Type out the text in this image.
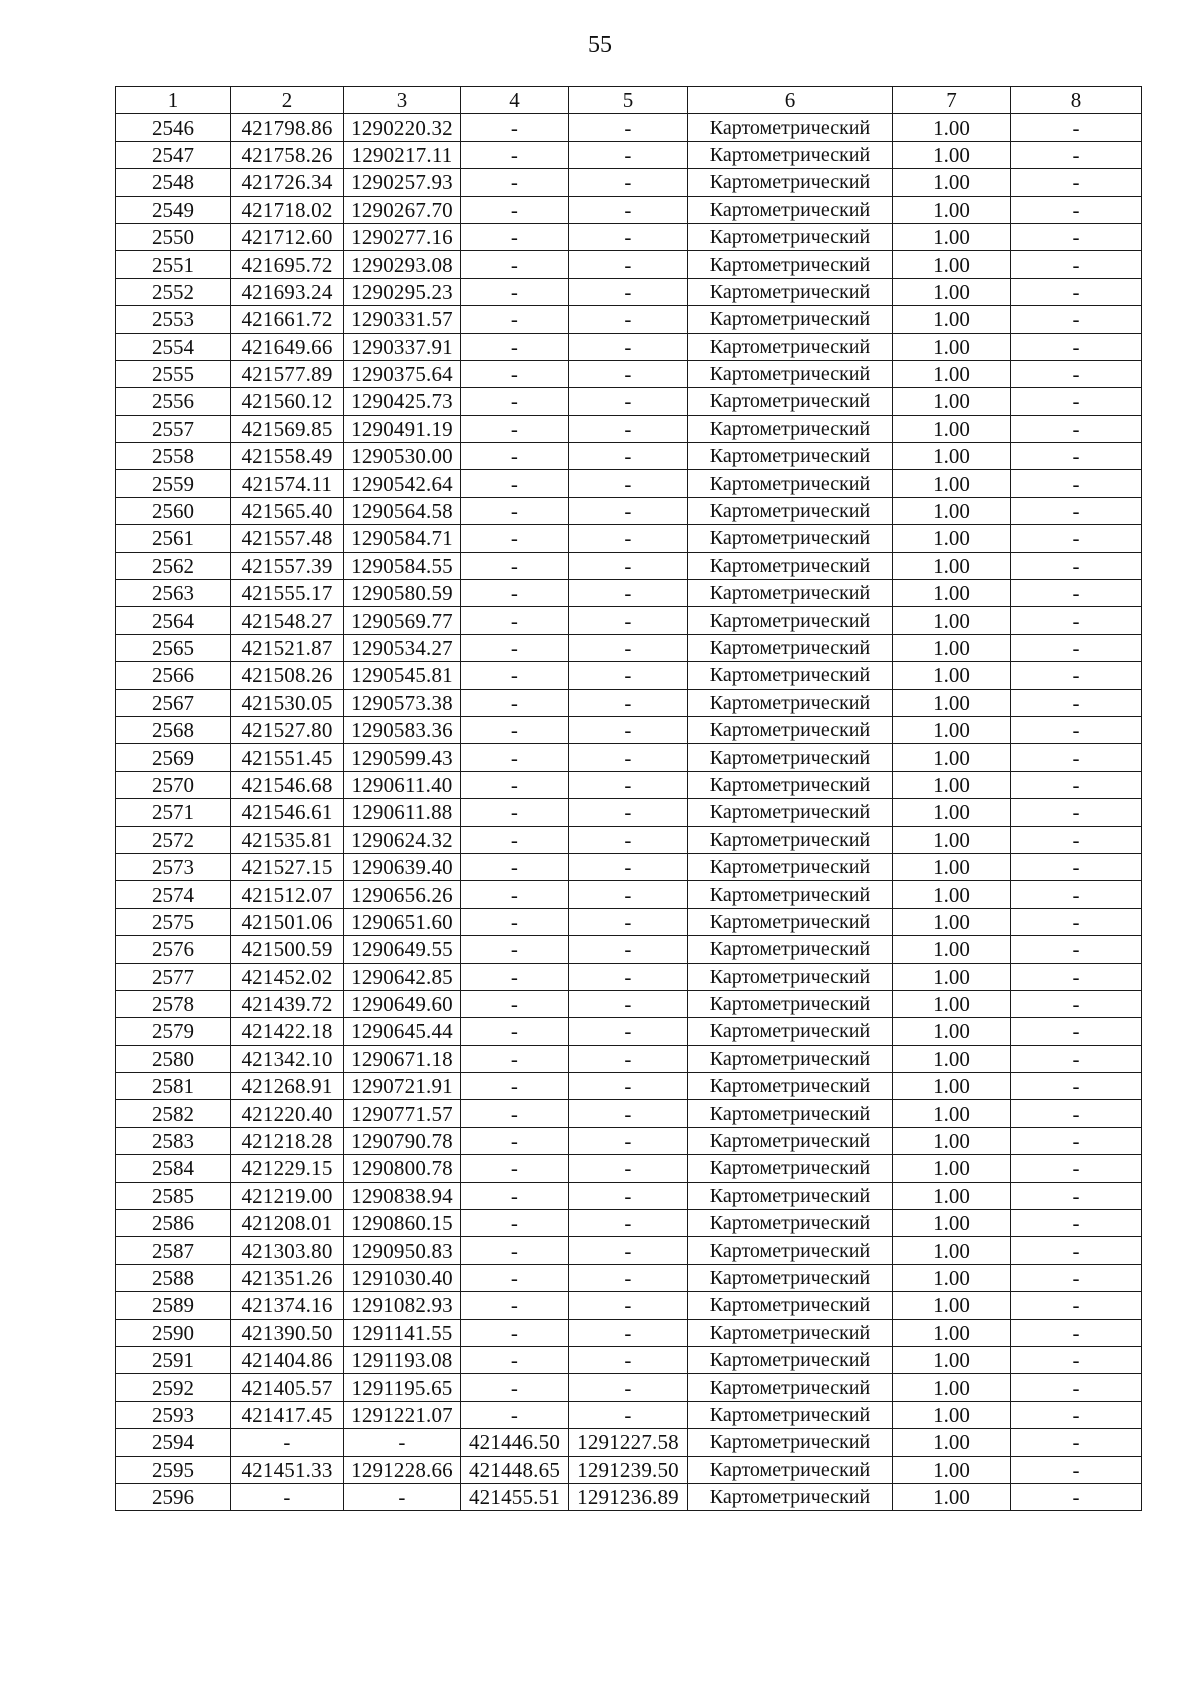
55
1	2	3	4	5	6	7	8
2546	421798.86	1290220.32	-	-	Картометрический	1.00	-
2547	421758.26	1290217.11	-	-	Картометрический	1.00	-
2548	421726.34	1290257.93	-	-	Картометрический	1.00	-
2549	421718.02	1290267.70	-	-	Картометрический	1.00	-
2550	421712.60	1290277.16	-	-	Картометрический	1.00	-
2551	421695.72	1290293.08	-	-	Картометрический	1.00	-
2552	421693.24	1290295.23	-	-	Картометрический	1.00	-
2553	421661.72	1290331.57	-	-	Картометрический	1.00	-
2554	421649.66	1290337.91	-	-	Картометрический	1.00	-
2555	421577.89	1290375.64	-	-	Картометрический	1.00	-
2556	421560.12	1290425.73	-	-	Картометрический	1.00	-
2557	421569.85	1290491.19	-	-	Картометрический	1.00	-
2558	421558.49	1290530.00	-	-	Картометрический	1.00	-
2559	421574.11	1290542.64	-	-	Картометрический	1.00	-
2560	421565.40	1290564.58	-	-	Картометрический	1.00	-
2561	421557.48	1290584.71	-	-	Картометрический	1.00	-
2562	421557.39	1290584.55	-	-	Картометрический	1.00	-
2563	421555.17	1290580.59	-	-	Картометрический	1.00	-
2564	421548.27	1290569.77	-	-	Картометрический	1.00	-
2565	421521.87	1290534.27	-	-	Картометрический	1.00	-
2566	421508.26	1290545.81	-	-	Картометрический	1.00	-
2567	421530.05	1290573.38	-	-	Картометрический	1.00	-
2568	421527.80	1290583.36	-	-	Картометрический	1.00	-
2569	421551.45	1290599.43	-	-	Картометрический	1.00	-
2570	421546.68	1290611.40	-	-	Картометрический	1.00	-
2571	421546.61	1290611.88	-	-	Картометрический	1.00	-
2572	421535.81	1290624.32	-	-	Картометрический	1.00	-
2573	421527.15	1290639.40	-	-	Картометрический	1.00	-
2574	421512.07	1290656.26	-	-	Картометрический	1.00	-
2575	421501.06	1290651.60	-	-	Картометрический	1.00	-
2576	421500.59	1290649.55	-	-	Картометрический	1.00	-
2577	421452.02	1290642.85	-	-	Картометрический	1.00	-
2578	421439.72	1290649.60	-	-	Картометрический	1.00	-
2579	421422.18	1290645.44	-	-	Картометрический	1.00	-
2580	421342.10	1290671.18	-	-	Картометрический	1.00	-
2581	421268.91	1290721.91	-	-	Картометрический	1.00	-
2582	421220.40	1290771.57	-	-	Картометрический	1.00	-
2583	421218.28	1290790.78	-	-	Картометрический	1.00	-
2584	421229.15	1290800.78	-	-	Картометрический	1.00	-
2585	421219.00	1290838.94	-	-	Картометрический	1.00	-
2586	421208.01	1290860.15	-	-	Картометрический	1.00	-
2587	421303.80	1290950.83	-	-	Картометрический	1.00	-
2588	421351.26	1291030.40	-	-	Картометрический	1.00	-
2589	421374.16	1291082.93	-	-	Картометрический	1.00	-
2590	421390.50	1291141.55	-	-	Картометрический	1.00	-
2591	421404.86	1291193.08	-	-	Картометрический	1.00	-
2592	421405.57	1291195.65	-	-	Картометрический	1.00	-
2593	421417.45	1291221.07	-	-	Картометрический	1.00	-
2594	-	-	421446.50	1291227.58	Картометрический	1.00	-
2595	421451.33	1291228.66	421448.65	1291239.50	Картометрический	1.00	-
2596	-	-	421455.51	1291236.89	Картометрический	1.00	-
